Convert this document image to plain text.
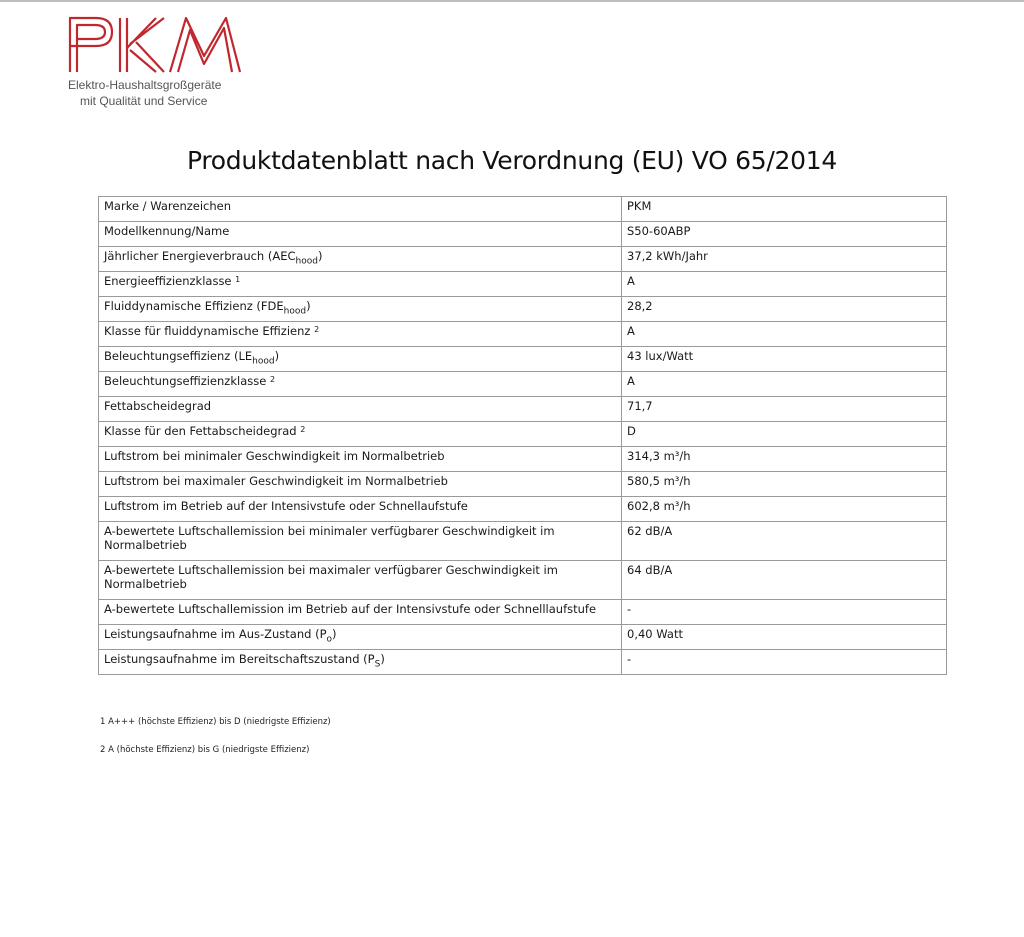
Elektro-Haushaltsgroßgeräte
mit Qualität und Service
Produktdatenblatt nach Verordnung (EU) VO 65/2014
Marke / Warenzeichen	PKM
Modellkennung/Name	S50-60ABP
Jährlicher Energieverbrauch $(AEC_{hood})$	37,2 kWh/Jahr
Energieeffizienzklasse $^1$	A
Fluiddynamische Effizienz $(FDE_{hood})$	28,2
Klasse für fluiddynamische Effizienz $^2$	A
Beleuchtungseffizienz $(LE_{hood})$	43 lux/Watt
Beleuchtungseffizienzklasse $^2$	A
Fettabscheidegrad	71,7
Klasse für den Fettabscheidegrad $^2$	D
Luftstrom bei minimaler Geschwindigkeit im Normalbetrieb	314,3 m³/h
Luftstrom bei maximaler Geschwindigkeit im Normalbetrieb	580,5 m³/h
Luftstrom im Betrieb auf der Intensivstufe oder Schnellaufstufe	602,8 m³/h
A-bewertete Luftschallemission bei minimaler verfügbarer Geschwindigkeit im Normalbetrieb	62 dB/A
A-bewertete Luftschallemission bei maximaler verfügbarer Geschwindigkeit im Normalbetrieb	64 dB/A
A-bewertete Luftschallemission im Betrieb auf der Intensivstufe oder Schnelllaufstufe	-
Leistungsaufnahme im Aus-Zustand $(P_o)$	0,40 Watt
Leistungsaufnahme im Bereitschaftszustand $(P_S)$	-
1 A+++ (höchste Effizienz) bis D (niedrigste Effizienz)
2 A (höchste Effizienz) bis G (niedrigste Effizienz)
